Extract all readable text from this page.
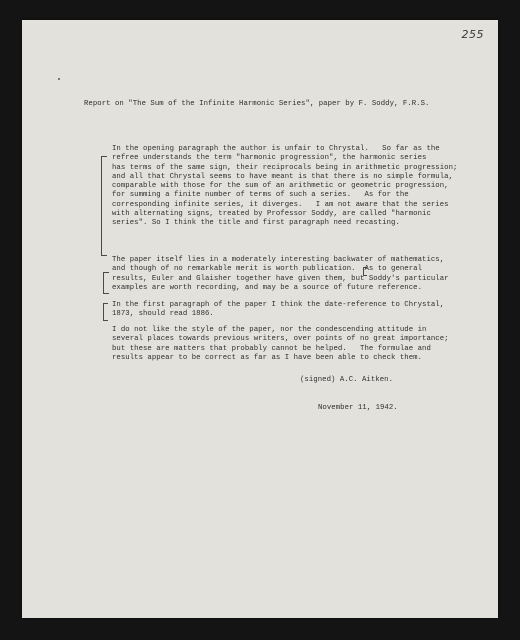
255
Report on "The Sum of the Infinite Harmonic Series", paper by F. Soddy, F.R.S.
In the opening paragraph the author is unfair to Chrystal.   So far as the
refree understands the term "harmonic progression", the harmonic series
has terms of the same sign, their reciprocals being in arithmetic progression;
and all that Chrystal seems to have meant is that there is no simple formula,
comparable with those for the sum of an arithmetic or geometric progression,
for summing a finite number of terms of such a series.   As for the
corresponding infinite series, it diverges.   I am not aware that the series
with alternating signs, treated by Professor Soddy, are called "harmonic
series". So I think the title and first paragraph need recasting.
The paper itself lies in a moderately interesting backwater of mathematics,
and though of no remarkable merit is worth publication.  As to general
results, Euler and Glaisher together have given them, but Soddy's particular
examples are worth recording, and may be a source of future reference.
In the first paragraph of the paper I think the date-reference to Chrystal,
1873, should read 1886.
I do not like the style of the paper, nor the condescending attitude in
several places towards previous writers, over points of no great importance;
but these are matters that probably cannot be helped.   The formulae and
results appear to be correct as far as I have been able to check them.
(signed) A.C. Aitken.
November 11, 1942.
